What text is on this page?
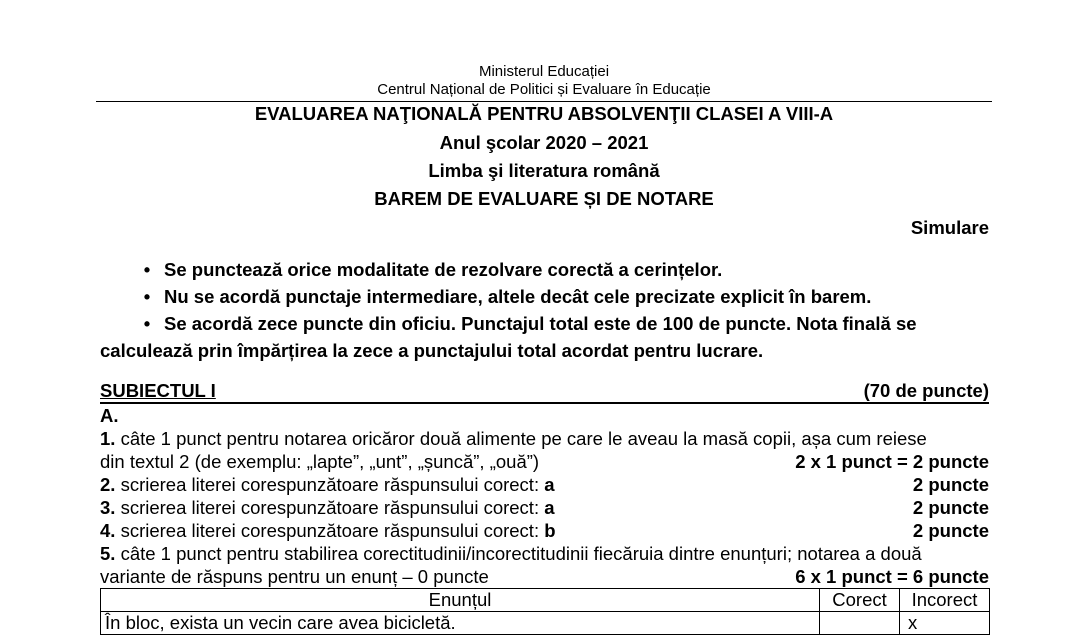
Ministerul Educației
Centrul Național de Politici și Evaluare în Educație
EVALUAREA NAŢIONALĂ PENTRU ABSOLVENŢII CLASEI A VIII-A
Anul şcolar 2020 – 2021
Limba şi literatura română
BAREM DE EVALUARE ȘI DE NOTARE
Simulare
• Se punctează orice modalitate de rezolvare corectă a cerințelor.
• Nu se acordă punctaje intermediare, altele decât cele precizate explicit în barem.
• Se acordă zece puncte din oficiu. Punctajul total este de 100 de puncte. Nota finală se
calculează prin împărțirea la zece a punctajului total acordat pentru lucrare.
SUBIECTUL I	(70 de puncte)
A.
1. câte 1 punct pentru notarea oricăror două alimente pe care le aveau la masă copii, așa cum reiese
din textul 2 (de exemplu: „lapte”, „unt”, „șuncă”, „ouă”)	2 x 1 punct = 2 puncte
2. scrierea literei corespunzătoare răspunsului corect: a	2 puncte
3. scrierea literei corespunzătoare răspunsului corect: a	2 puncte
4. scrierea literei corespunzătoare răspunsului corect: b	2 puncte
5. câte 1 punct pentru stabilirea corectitudinii/incorectitudinii fiecăruia dintre enunțuri; notarea a două
variante de răspuns pentru un enunț – 0 puncte	6 x 1 punct = 6 puncte
Enunțul	Corect	Incorect
În bloc, exista un vecin care avea bicicletă.		x
